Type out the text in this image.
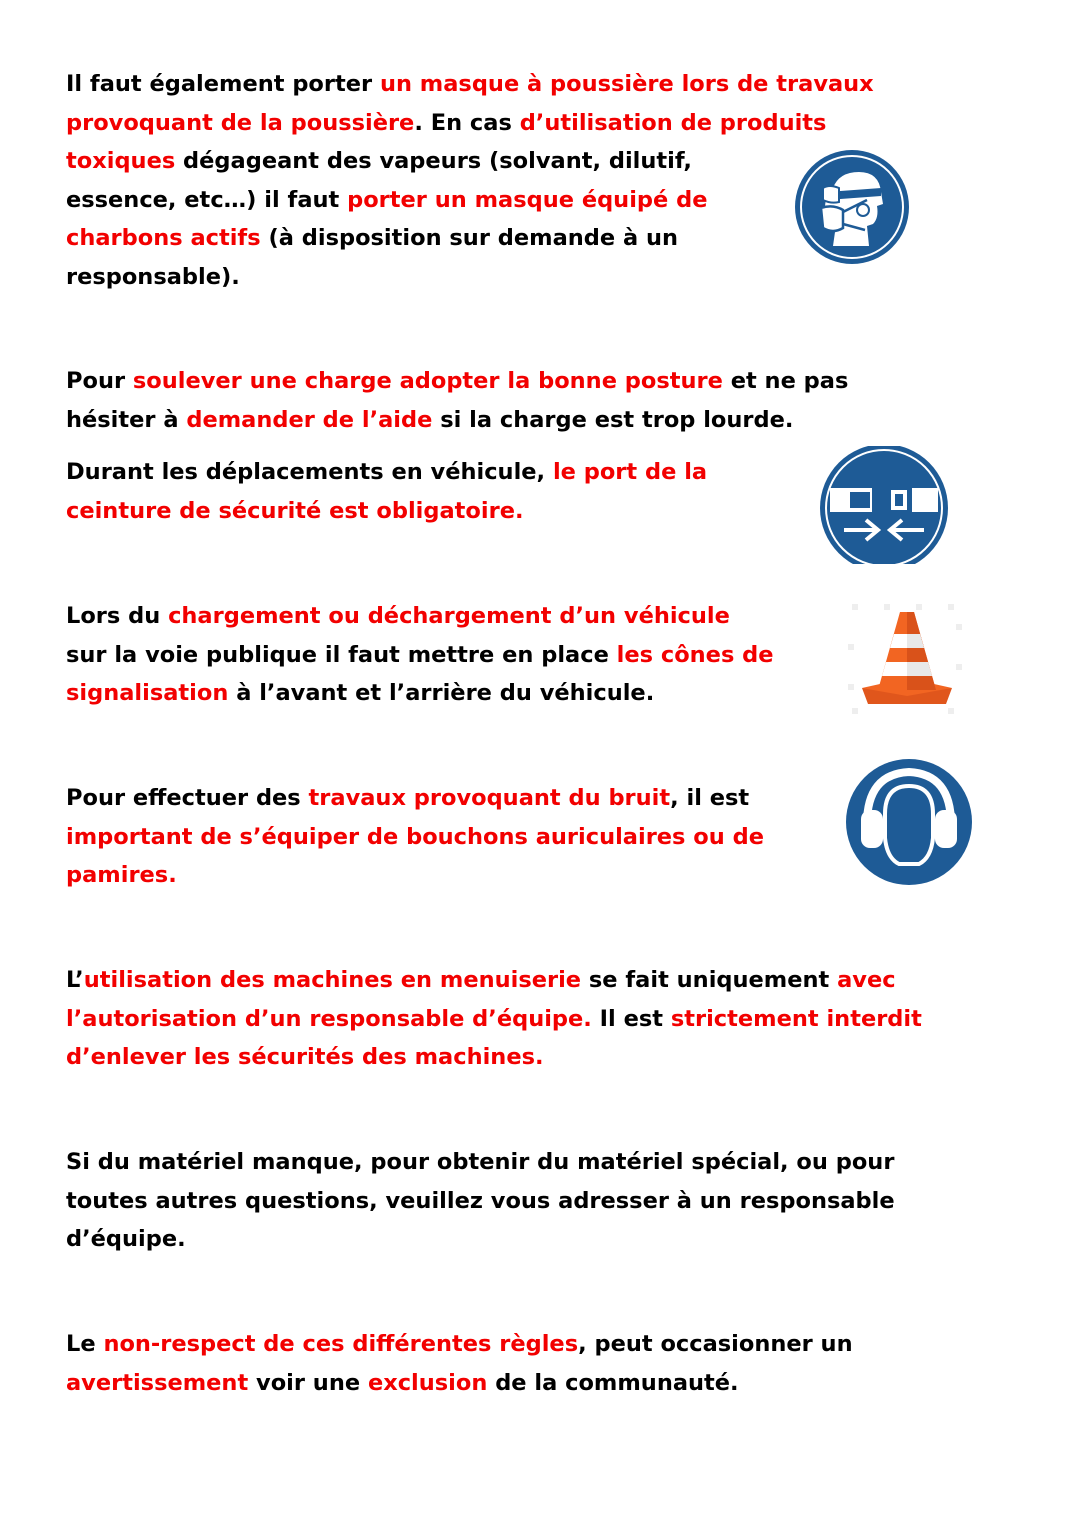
Il faut également porter un masque à poussière lors de travaux
provoquant de la poussière. En cas d’utilisation de produits
toxiques dégageant des vapeurs (solvant, dilutif,
essence, etc…) il faut porter un masque équipé de
charbons actifs (à disposition sur demande à un
responsable).
Pour soulever une charge adopter la bonne posture et ne pas
hésiter à demander de l’aide si la charge est trop lourde.
Durant les déplacements en véhicule, le port de la
ceinture de sécurité est obligatoire.
Lors du chargement ou déchargement d’un véhicule
sur la voie publique il faut mettre en place les cônes de
signalisation à l’avant et l’arrière du véhicule.
Pour effectuer des travaux provoquant du bruit, il est
important de s’équiper de bouchons auriculaires ou de
pamires.
L’utilisation des machines en menuiserie se fait uniquement avec
l’autorisation d’un responsable d’équipe. Il est strictement interdit
d’enlever les sécurités des machines.
Si du matériel manque, pour obtenir du matériel spécial, ou pour
toutes autres questions, veuillez vous adresser à un responsable
d’équipe.
Le non-respect de ces différentes règles, peut occasionner un
avertissement voir une exclusion de la communauté.
